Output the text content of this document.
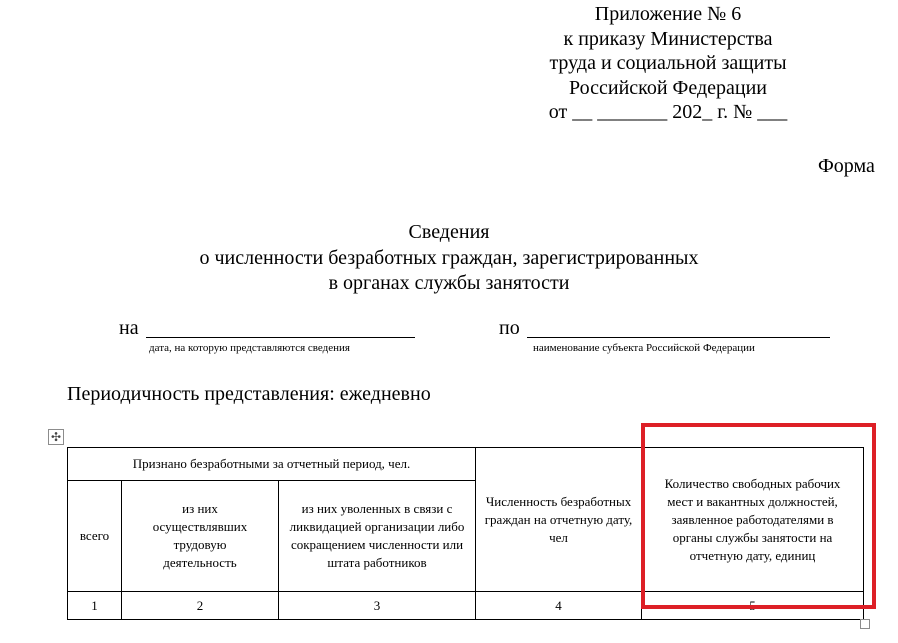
Приложение № 6
к приказу Министерства
труда и социальной защиты
Российской Федерации
от __ _______ 202_ г. № ___
Форма
Сведения
о численности безработных граждан, зарегистрированных
в органах службы занятости
на
дата, на которую представляются сведения
по
наименование субъекта Российской Федерации
Периодичность представления: ежедневно
✣
Признано безработными за отчетный период, чел.			Численность безработных граждан на отчетную дату, чел	Количество свободных рабочих мест и вакантных должностей, заявленное работодателями в органы службы занятости на отчетную дату, единиц
всего	из них осуществлявших трудовую деятельность	из них уволенных в связи с ликвидацией организации либо сокращением численности или штата работников		
1	2	3	4	5
